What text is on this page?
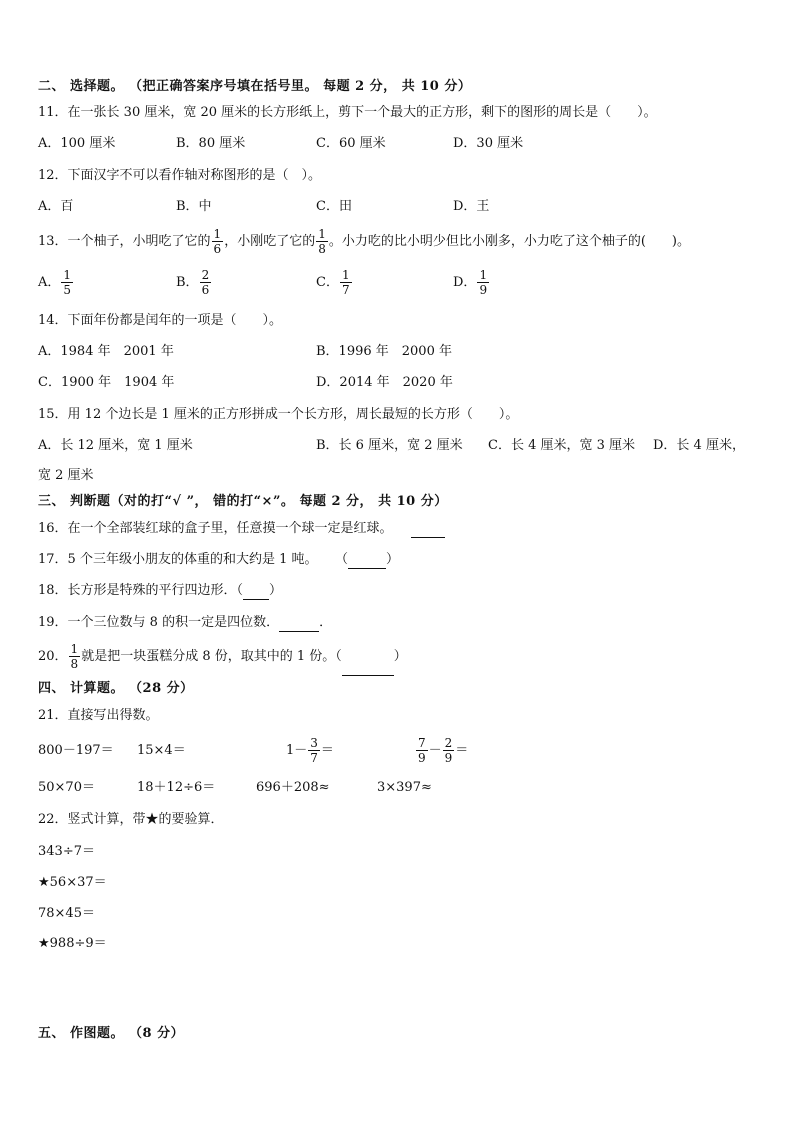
二、 选择题。 （把正确答案序号填在括号里。 每题 2 分， 共 10 分）
11．在一张长 30 厘米，宽 20 厘米的长方形纸上，剪下一个最大的正方形，剩下的图形的周长是（　　）。
A．100 厘米	B．80 厘米	C．60 厘米	D．30 厘米
12．下面汉字不可以看作轴对称图形的是（　）。
A．百	B．中	C．田	D．王
13．一个柚子，小明吃了它的 $\frac{1}{6}$ ，小刚吃了它的 $\frac{1}{8}$ 。小力吃的比小明少但比小刚多，小力吃了这个柚子的(　　)。
A． $\frac{1}{5}$	B． $\frac{2}{6}$	C． $\frac{1}{7}$	D． $\frac{1}{9}$
14．下面年份都是闰年的一项是（　　）。
A．1984 年　2001 年	B．1996 年　2000 年
C．1900 年　1904 年	D．2014 年　2020 年
15．用 12 个边长是 1 厘米的正方形拼成一个长方形，周长最短的长方形（　　）。
A．长 12 厘米，宽 1 厘米	B．长 6 厘米，宽 2 厘米 C．长 4 厘米，宽 3 厘米 D．长 4 厘米，
宽 2 厘米
三、 判断题（对的打“√ ”， 错的打“×”。 每题 2 分， 共 10 分）
16．在一个全部装红球的盒子里，任意摸一个球一定是红球。
17．5 个三年级小朋友的体重的和大约是 1 吨。 （	）
18．长方形是特殊的平行四边形．（ ）
19．一个三位数与 8 的积一定是四位数．	．
20． $\frac{1}{8}$ 就是把一块蛋糕分成 8 份，取其中的 1 份。（	）
四、 计算题。 （28 分）
21．直接写出得数。
800－197＝ 15×4＝	$1- \frac{3}{7}$ ＝	$\frac{7}{9} - \frac{2}{9}$ ＝
50×70＝	18＋12÷6＝	696＋208≈	3×397≈
22．竖式计算，带★的要验算．
343÷7＝
★56×37＝
78×45＝
★988÷9＝
五、 作图题。 （8 分）
